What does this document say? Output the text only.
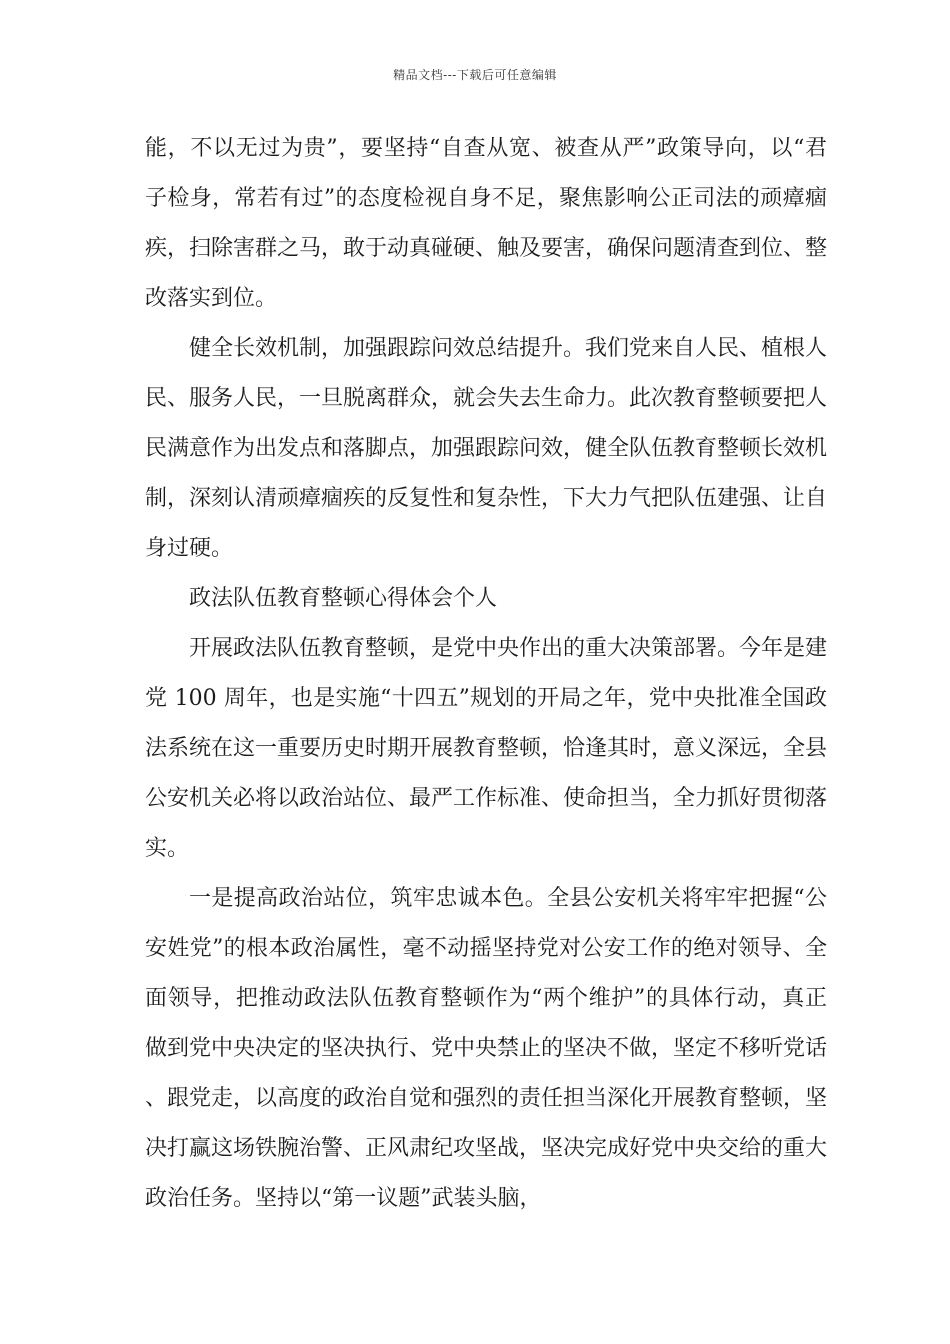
精品文档---下载后可任意编辑

能，不以无过为贵”，要坚持“自查从宽、被查从严”政策导向，以“君子检身，常若有过”的态度检视自身不足，聚焦影响公正司法的顽瘴痼疾，扫除害群之马，敢于动真碰硬、触及要害，确保问题清查到位、整改落实到位。

健全长效机制，加强跟踪问效总结提升。我们党来自人民、植根人民、服务人民，一旦脱离群众，就会失去生命力。此次教育整顿要把人民满意作为出发点和落脚点，加强跟踪问效，健全队伍教育整顿长效机制，深刻认清顽瘴痼疾的反复性和复杂性，下大力气把队伍建强、让自身过硬。

政法队伍教育整顿心得体会个人

开展政法队伍教育整顿，是党中央作出的重大决策部署。今年是建党 100 周年，也是实施“十四五”规划的开局之年，党中央批准全国政法系统在这一重要历史时期开展教育整顿，恰逢其时，意义深远，全县公安机关必将以政治站位、最严工作标准、使命担当，全力抓好贯彻落实。

一是提高政治站位，筑牢忠诚本色。全县公安机关将牢牢把握“公安姓党”的根本政治属性，毫不动摇坚持党对公安工作的绝对领导、全面领导，把推动政法队伍教育整顿作为“两个维护”的具体行动，真正做到党中央决定的坚决执行、党中央禁止的坚决不做，坚定不移听党话、跟党走，以高度的政治自觉和强烈的责任担当深化开展教育整顿，坚决打赢这场铁腕治警、正风肃纪攻坚战，坚决完成好党中央交给的重大政治任务。坚持以“第一议题”武装头脑，
